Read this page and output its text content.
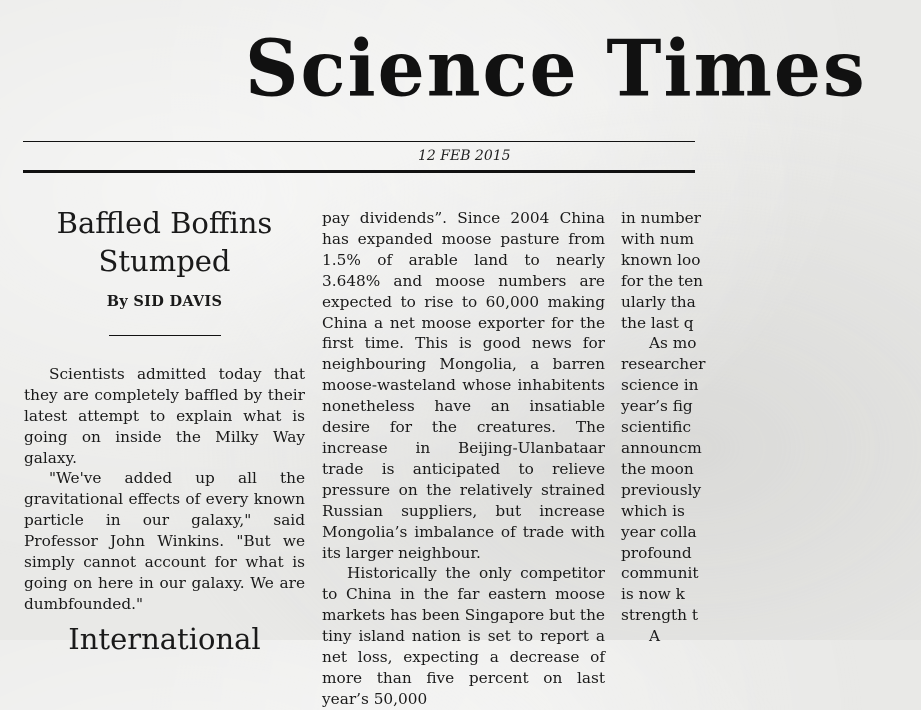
Science Times
12 FEB 2015
Baffled Boffins
Stumped
By SID DAVIS

Scientists admitted today that they are completely baffled by their latest attempt to explain what is going on inside the Milky Way galaxy.

"We've added up all the gravitational effects of every known particle in our galaxy," said Professor John Winkins. "But we simply cannot account for what is going on here in our galaxy. We are dumbfounded."

International

pay dividends”. Since 2004 China has expanded moose pasture from 1.5% of arable land to nearly 3.648% and moose numbers are expected to rise to 60,000 making China a net moose exporter for the first time. This is good news for neighbouring Mongolia, a barren moose-wasteland whose inhabitents nonetheless have an insatiable desire for the creatures. The increase in Beijing-Ulanbataar trade is anticipated to relieve pressure on the relatively strained Russian suppliers, but increase Mongolia’s imbalance of trade with its larger neighbour.

Historically the only competitor to China in the far eastern moose markets has been Singapore but the tiny island nation is set to report a net loss, expecting a decrease of more than five percent on last year’s 50,000

in number
with num
known loo
for the ten
ularly tha
the last q
As mo
researcher
science in
year’s fig
scientific
announcm
the moon
previously
which is
year colla
profound
communit
is now k
strength t
A
